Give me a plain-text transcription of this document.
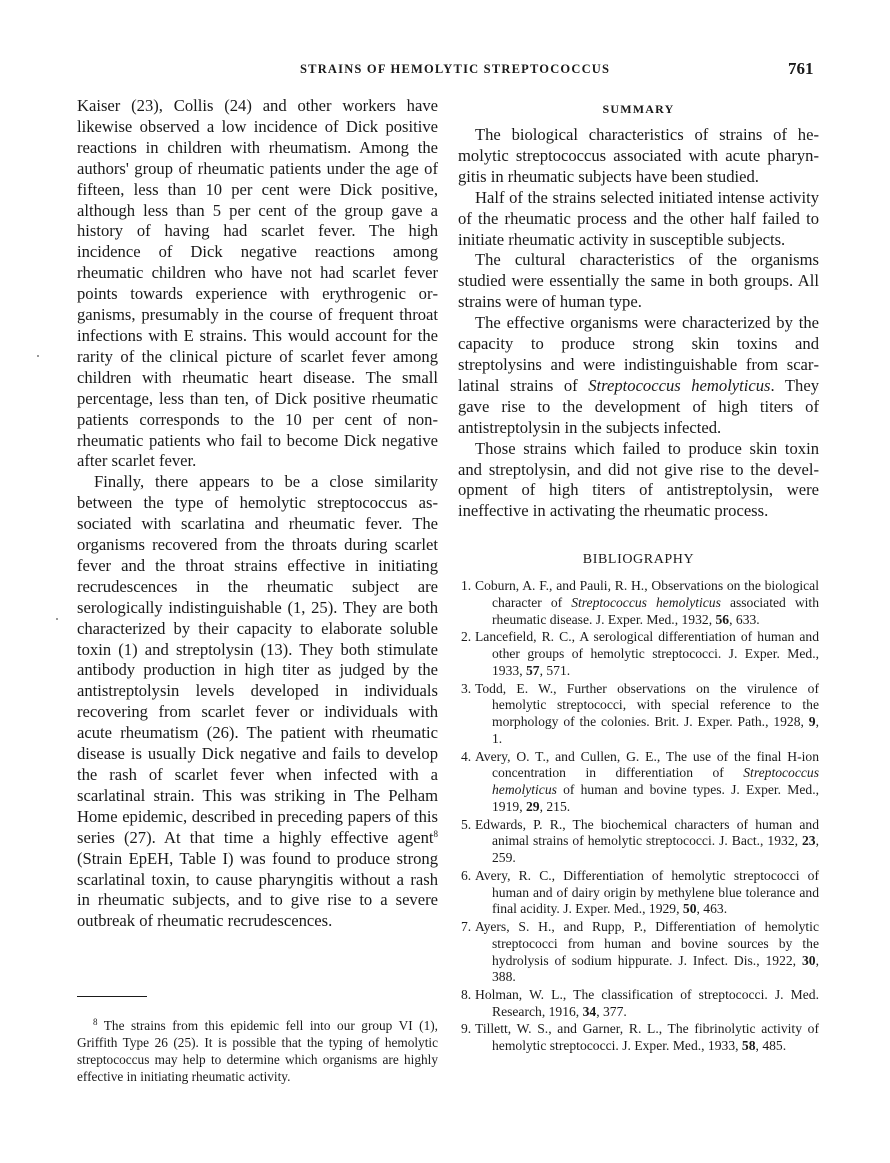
STRAINS OF HEMOLYTIC STREPTOCOCCUS	761

Kaiser (23), Collis (24) and other workers have likewise observed a low incidence of Dick positive reactions in children with rheumatism. Among the authors' group of rheumatic patients under the age of fifteen, less than 10 per cent were Dick positive, although less than 5 per cent of the group gave a history of having had scarlet fever. The high incidence of Dick negative reactions among rheumatic children who have not had scarlet fever points towards experience with erythrogenic organisms, presumably in the course of frequent throat infections with E strains. This would account for the rarity of the clinical picture of scarlet fever among children with rheumatic heart disease. The small percentage, less than ten, of Dick positive rheumatic patients corresponds to the 10 per cent of non-rheumatic patients who fail to become Dick negative after scarlet fever.

Finally, there appears to be a close similarity between the type of hemolytic streptococcus associated with scarlatina and rheumatic fever. The organisms recovered from the throats during scarlet fever and the throat strains effective in initiating recrudescences in the rheumatic subject are serologically indistinguishable (1, 25). They are both characterized by their capacity to elaborate soluble toxin (1) and streptolysin (13). They both stimulate antibody production in high titer as judged by the antistreptolysin levels developed in individuals recovering from scarlet fever or individuals with acute rheumatism (26). The patient with rheumatic disease is usually Dick negative and fails to develop the rash of scarlet fever when infected with a scarlatinal strain. This was striking in The Pelham Home epidemic, described in preceding papers of this series (27). At that time a highly effective agent$^8$ (Strain EpEH, Table I) was found to produce strong scarlatinal toxin, to cause pharyngitis without a rash in rheumatic subjects, and to give rise to a severe outbreak of rheumatic recrudescences.

$^8$ The strains from this epidemic fell into our group VI (1), Griffith Type 26 (25). It is possible that the typing of hemolytic streptococcus may help to determine which organisms are highly effective in initiating rheumatic activity.

SUMMARY

The biological characteristics of strains of hemolytic streptococcus associated with acute pharyngitis in rheumatic subjects have been studied.

Half of the strains selected initiated intense activity of the rheumatic process and the other half failed to initiate rheumatic activity in susceptible subjects.

The cultural characteristics of the organisms studied were essentially the same in both groups. All strains were of human type.

The effective organisms were characterized by the capacity to produce strong skin toxins and streptolysins and were indistinguishable from scarlatinal strains of Streptococcus hemolyticus. They gave rise to the development of high titers of antistreptolysin in the subjects infected.

Those strains which failed to produce skin toxin and streptolysin, and did not give rise to the development of high titers of antistreptolysin, were ineffective in activating the rheumatic process.

BIBLIOGRAPHY
1. Coburn, A. F., and Pauli, R. H., Observations on the biological character of Streptococcus hemolyticus associated with rheumatic disease. J. Exper. Med., 1932, 56, 633.
2. Lancefield, R. C., A serological differentiation of human and other groups of hemolytic streptococci. J. Exper. Med., 1933, 57, 571.
3. Todd, E. W., Further observations on the virulence of hemolytic streptococci, with special reference to the morphology of the colonies. Brit. J. Exper. Path., 1928, 9, 1.
4. Avery, O. T., and Cullen, G. E., The use of the final H-ion concentration in differentiation of Streptococcus hemolyticus of human and bovine types. J. Exper. Med., 1919, 29, 215.
5. Edwards, P. R., The biochemical characters of human and animal strains of hemolytic streptococci. J. Bact., 1932, 23, 259.
6. Avery, R. C., Differentiation of hemolytic streptococci of human and of dairy origin by methylene blue tolerance and final acidity. J. Exper. Med., 1929, 50, 463.
7. Ayers, S. H., and Rupp, P., Differentiation of hemolytic streptococci from human and bovine sources by the hydrolysis of sodium hippurate. J. Infect. Dis., 1922, 30, 388.
8. Holman, W. L., The classification of streptococci. J. Med. Research, 1916, 34, 377.
9. Tillett, W. S., and Garner, R. L., The fibrinolytic activity of hemolytic streptococci. J. Exper. Med., 1933, 58, 485.
